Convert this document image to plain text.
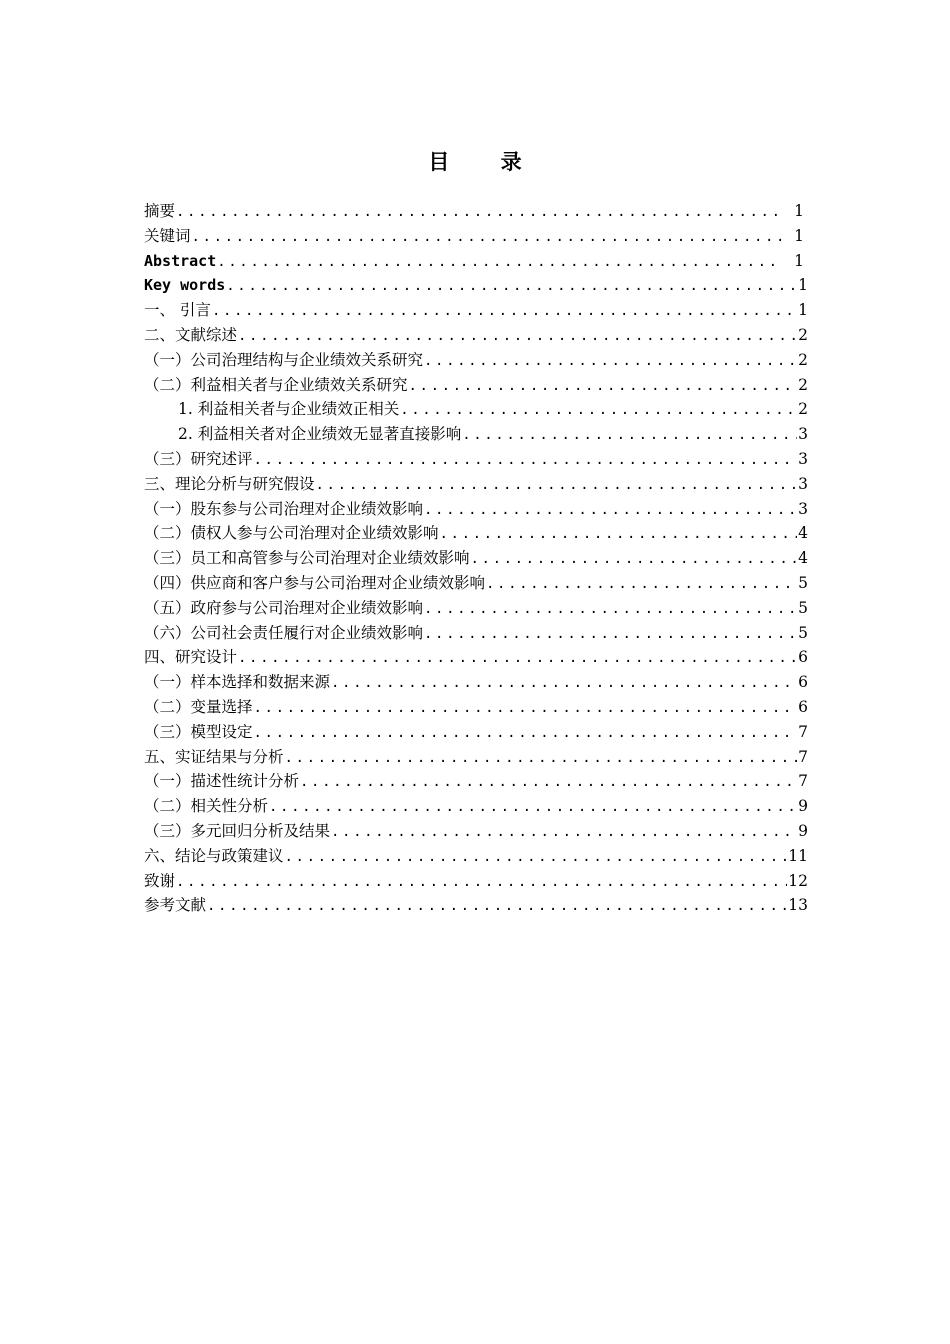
目 录
摘要 .....	1
关键词 .....	1
Abstract .....	1
Key words .....	1
一、 引言 .....	1
二、文献综述 .....	2
（一）公司治理结构与企业绩效关系研究 .....	2
（二）利益相关者与企业绩效关系研究 .....	2
1. 利益相关者与企业绩效正相关 .....	2
2. 利益相关者对企业绩效无显著直接影响 .....	3
（三）研究述评 .....	3
三、理论分析与研究假设 .....	3
（一）股东参与公司治理对企业绩效影响 .....	3
（二）债权人参与公司治理对企业绩效影响 .....	4
（三）员工和高管参与公司治理对企业绩效影响 .....	4
（四）供应商和客户参与公司治理对企业绩效影响 .....	5
（五）政府参与公司治理对企业绩效影响 .....	5
（六）公司社会责任履行对企业绩效影响 .....	5
四、研究设计 .....	6
（一）样本选择和数据来源 .....	6
（二）变量选择 .....	6
（三）模型设定 .....	7
五、实证结果与分析 .....	7
（一）描述性统计分析 .....	7
（二）相关性分析 .....	9
（三）多元回归分析及结果 .....	9
六、结论与政策建议 .....	11
致谢 .....	12
参考文献 .....	13
